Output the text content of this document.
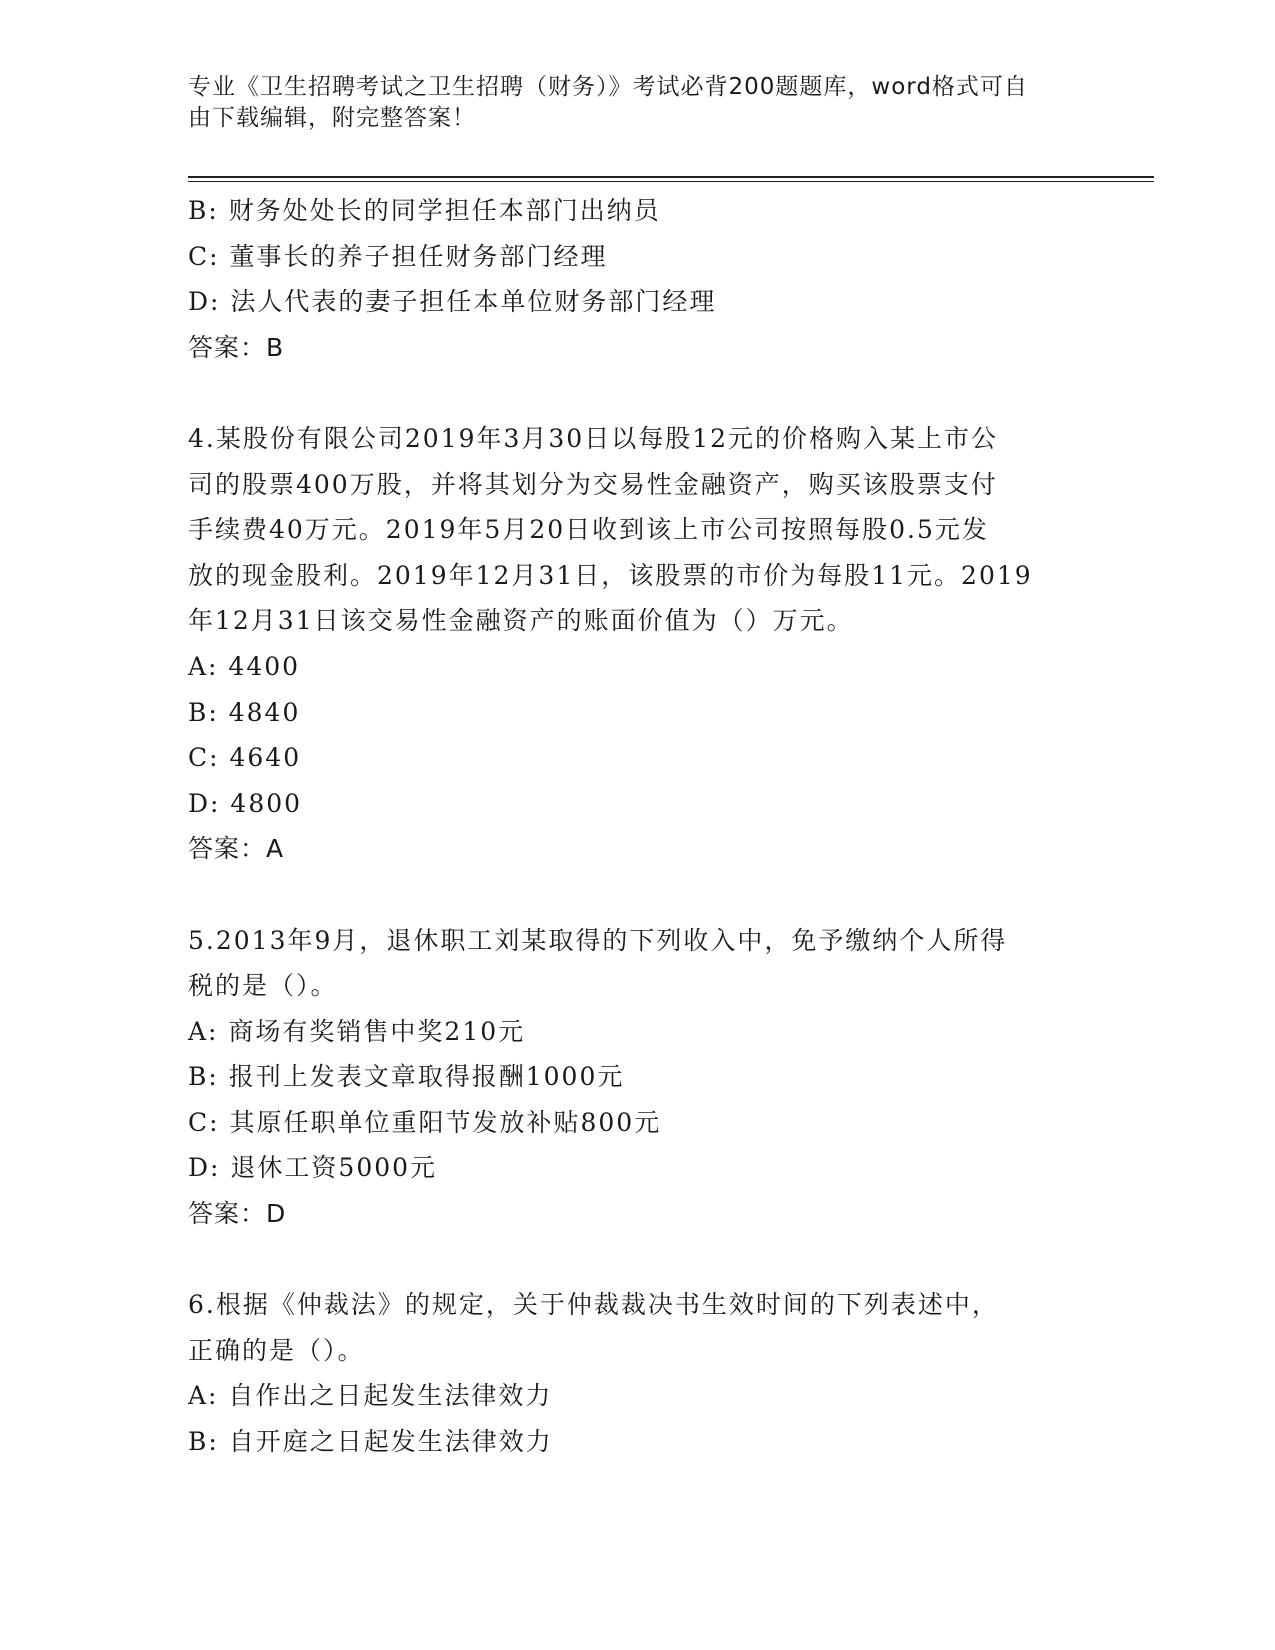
专业《卫生招聘考试之卫生招聘（财务）》考试必背200题题库，word格式可自
由下载编辑，附完整答案！
B: 财务处处长的同学担任本部门出纳员
C: 董事长的养子担任财务部门经理
D: 法人代表的妻子担任本单位财务部门经理
答案：B
4.某股份有限公司2019年3月30日以每股12元的价格购入某上市公
司的股票400万股，并将其划分为交易性金融资产，购买该股票支付
手续费40万元。2019年5月20日收到该上市公司按照每股0.5元发
放的现金股利。2019年12月31日，该股票的市价为每股11元。2019
年12月31日该交易性金融资产的账面价值为（）万元。
A: 4400
B: 4840
C: 4640
D: 4800
答案：A
5.2013年9月，退休职工刘某取得的下列收入中，免予缴纳个人所得
税的是（）。
A: 商场有奖销售中奖210元
B: 报刊上发表文章取得报酬1000元
C: 其原任职单位重阳节发放补贴800元
D: 退休工资5000元
答案：D
6.根据《仲裁法》的规定，关于仲裁裁决书生效时间的下列表述中，
正确的是（）。
A: 自作出之日起发生法律效力
B: 自开庭之日起发生法律效力
